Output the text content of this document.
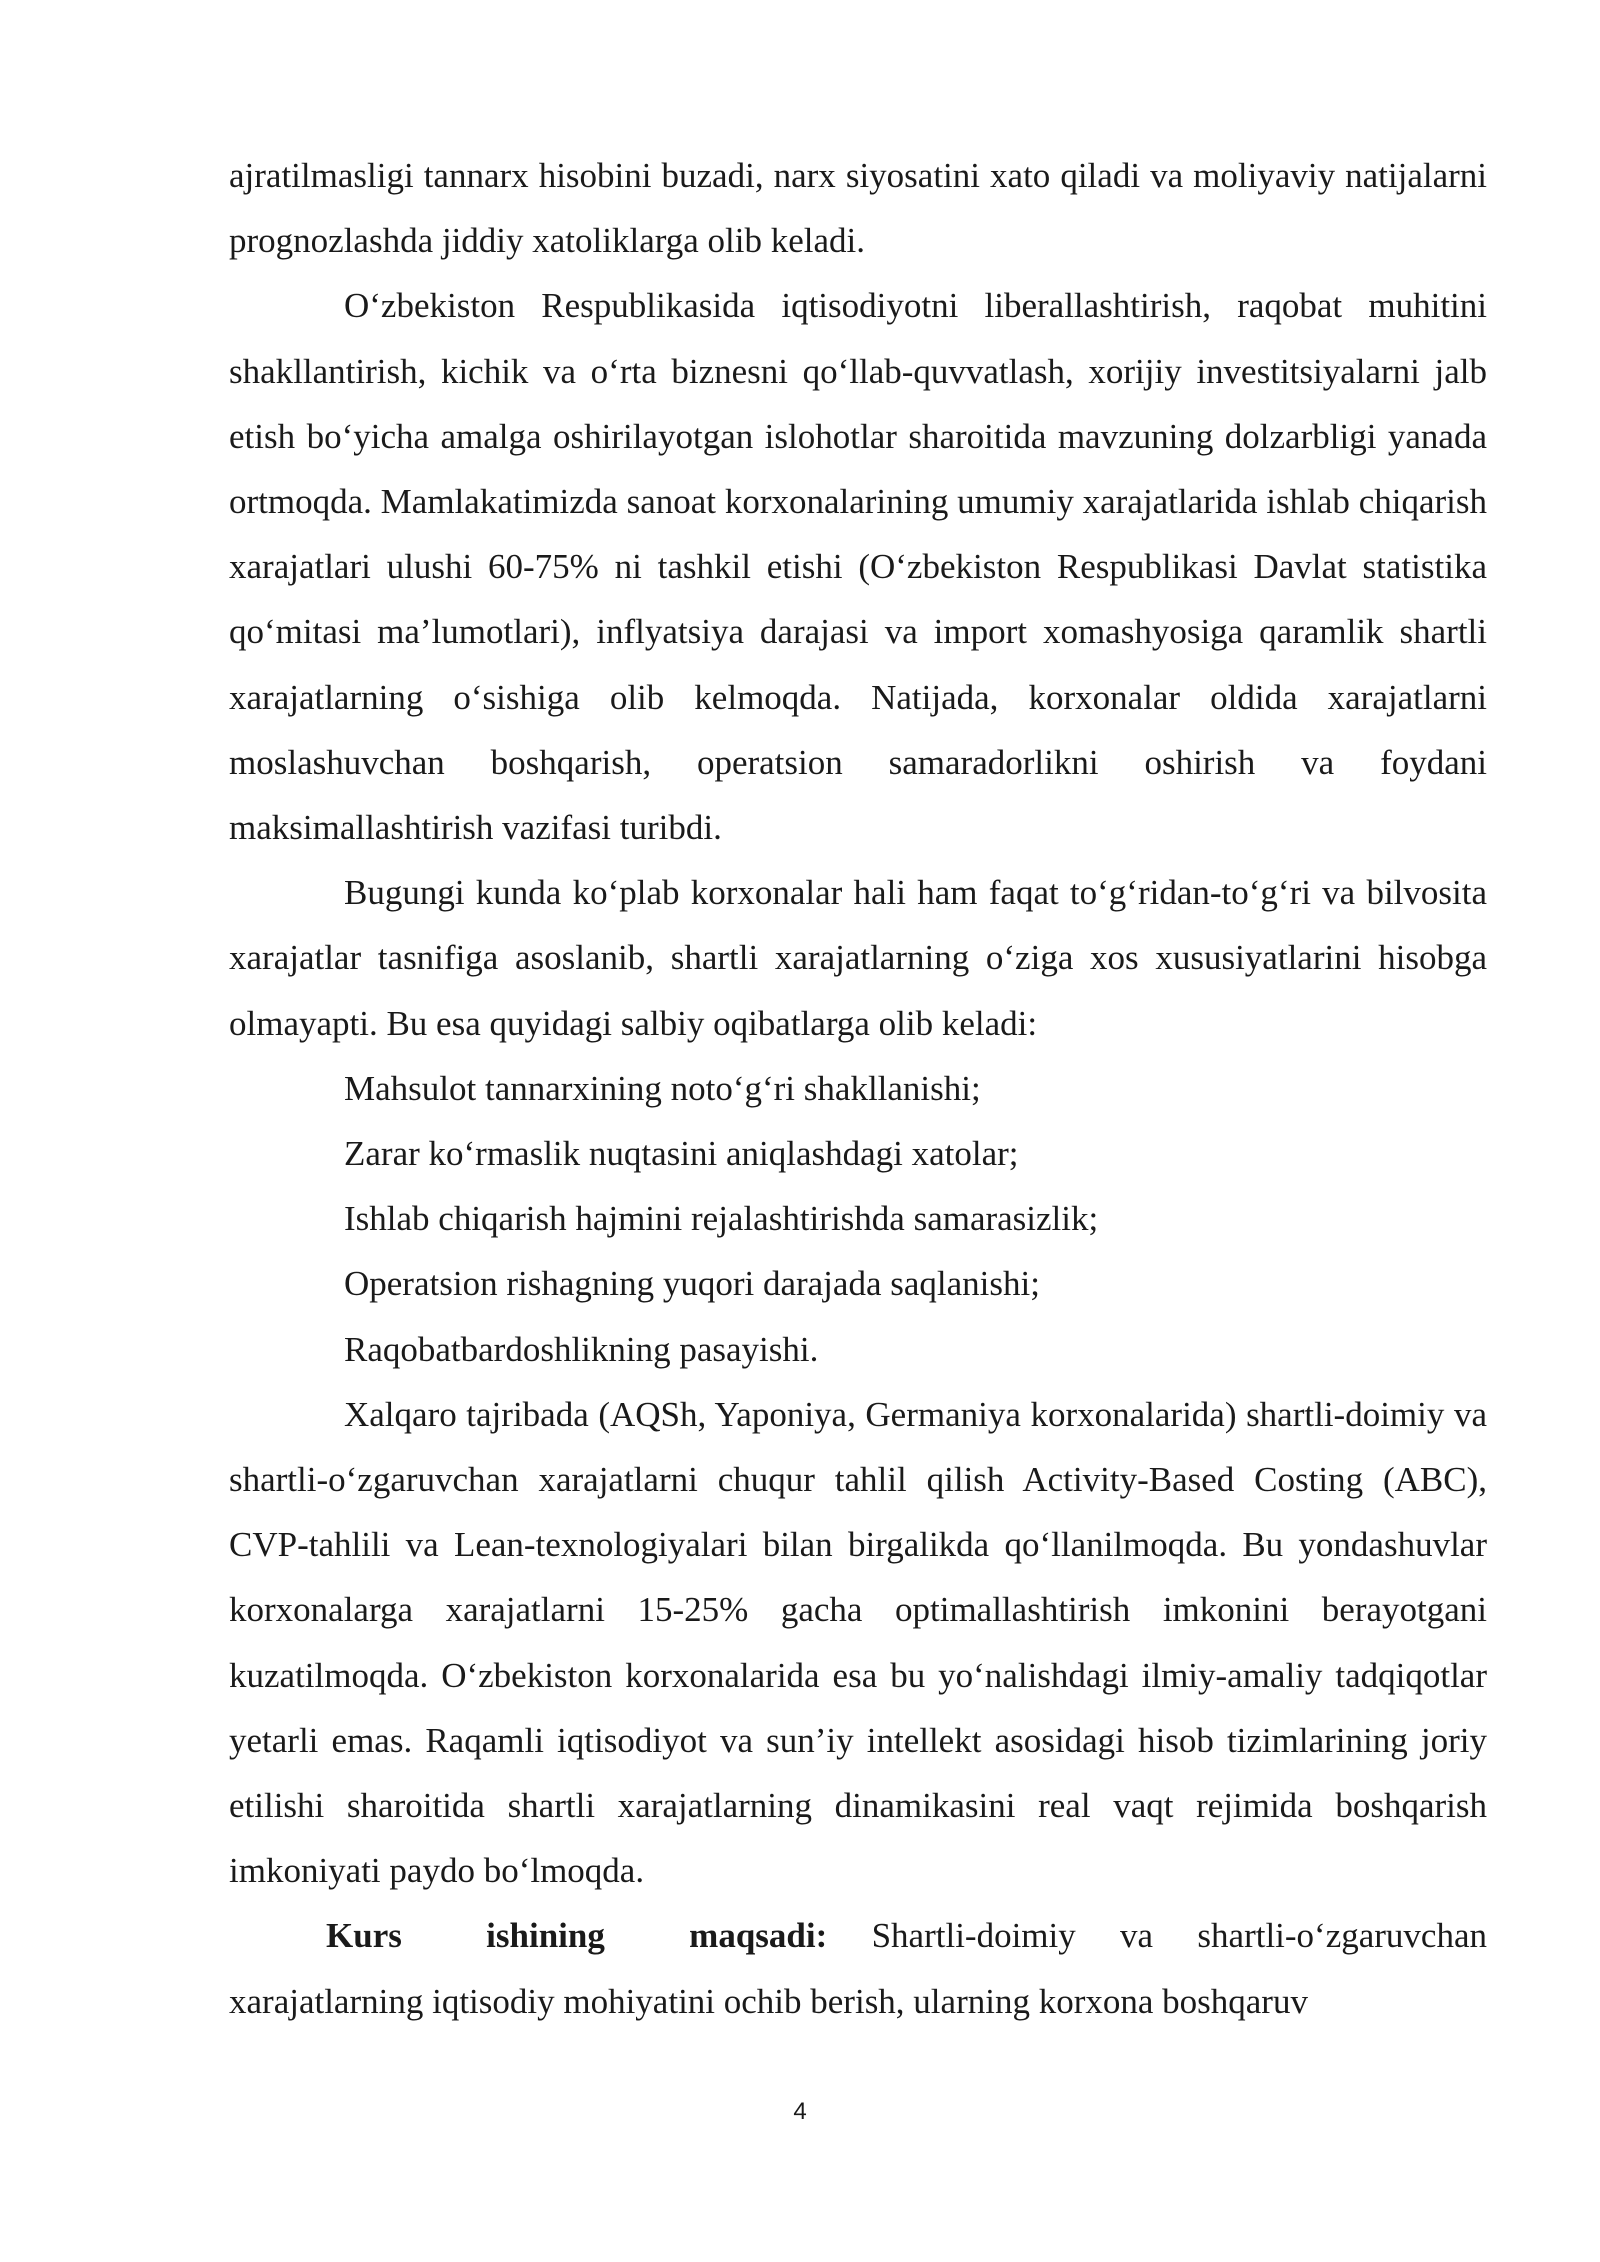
ajratilmasligi tannarx hisobini buzadi, narx siyosatini xato qiladi va moliyaviy natijalarni prognozlashda jiddiy xatoliklarga olib keladi.

O‘zbekiston Respublikasida iqtisodiyotni liberallashtirish, raqobat muhitini shakllantirish, kichik va o‘rta biznesni qo‘llab-quvvatlash, xorijiy investitsiyalarni jalb etish bo‘yicha amalga oshirilayotgan islohotlar sharoitida mavzuning dolzarbligi yanada ortmoqda. Mamlakatimizda sanoat korxonalarining umumiy xarajatlarida ishlab chiqarish xarajatlari ulushi 60-75% ni tashkil etishi (O‘zbekiston Respublikasi Davlat statistika qo‘mitasi ma’lumotlari), inflyatsiya darajasi va import xomashyosiga qaramlik shartli xarajatlarning o‘sishiga olib kelmoqda. Natijada, korxonalar oldida xarajatlarni moslashuvchan boshqarish, operatsion samaradorlikni oshirish va foydani maksimallashtirish vazifasi turibdi.

Bugungi kunda ko‘plab korxonalar hali ham faqat to‘g‘ridan-to‘g‘ri va bilvosita xarajatlar tasnifiga asoslanib, shartli xarajatlarning o‘ziga xos xususiyatlarini hisobga olmayapti. Bu esa quyidagi salbiy oqibatlarga olib keladi:

Mahsulot tannarxining noto‘g‘ri shakllanishi;

Zarar ko‘rmaslik nuqtasini aniqlashdagi xatolar;

Ishlab chiqarish hajmini rejalashtirishda samarasizlik;

Operatsion rishagning yuqori darajada saqlanishi;

Raqobatbardoshlikning pasayishi.

Xalqaro tajribada (AQSh, Yaponiya, Germaniya korxonalarida) shartli-doimiy va shartli-o‘zgaruvchan xarajatlarni chuqur tahlil qilish Activity-Based Costing (ABC), CVP-tahlili va Lean-texnologiyalari bilan birgalikda qo‘llanilmoqda. Bu yondashuvlar korxonalarga xarajatlarni 15-25% gacha optimallashtirish imkonini berayotgani kuzatilmoqda. O‘zbekiston korxonalarida esa bu yo‘nalishdagi ilmiy-amaliy tadqiqotlar yetarli emas. Raqamli iqtisodiyot va sun’iy intellekt asosidagi hisob tizimlarining joriy etilishi sharoitida shartli xarajatlarning dinamikasini real vaqt rejimida boshqarish imkoniyati paydo bo‘lmoqda.

Kurs ishining maqsadi: Shartli-doimiy va shartli-o‘zgaruvchan xarajatlarning iqtisodiy mohiyatini ochib berish, ularning korxona boshqaruv

4
